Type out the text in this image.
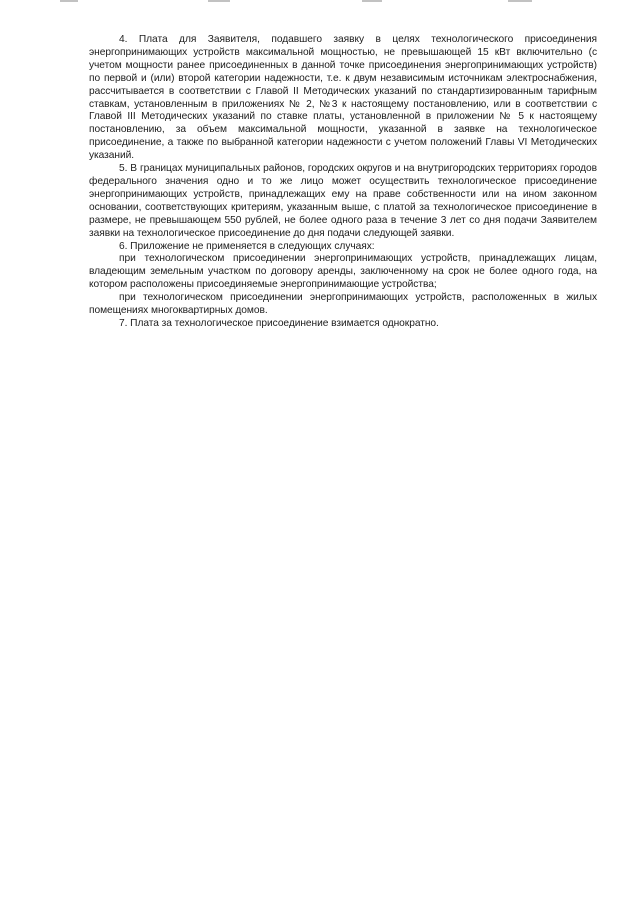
4. Плата для Заявителя, подавшего заявку в целях технологического присоединения энергопринимающих устройств максимальной мощностью, не превышающей 15 кВт включительно (с учетом мощности ранее присоединенных в данной точке присоединения энергопринимающих устройств) по первой и (или) второй категории надежности, т.е. к двум независимым источникам электроснабжения, рассчитывается в соответствии с Главой II Методических указаний по стандартизированным тарифным ставкам, установленным в приложениях № 2, №3 к настоящему постановлению, или в соответствии с Главой III Методических указаний по ставке платы, установленной в приложении № 5 к настоящему постановлению, за объем максимальной мощности, указанной в заявке на технологическое присоединение, а также по выбранной категории надежности с учетом положений Главы VI Методических указаний.

5. В границах муниципальных районов, городских округов и на внутригородских территориях городов федерального значения одно и то же лицо может осуществить технологическое присоединение энергопринимающих устройств, принадлежащих ему на праве собственности или на ином законном основании, соответствующих критериям, указанным выше, с платой за технологическое присоединение в размере, не превышающем 550 рублей, не более одного раза в течение 3 лет со дня подачи Заявителем заявки на технологическое присоединение до дня подачи следующей заявки.

6. Приложение не применяется в следующих случаях:

при технологическом присоединении энергопринимающих устройств, принадлежащих лицам, владеющим земельным участком по договору аренды, заключенному на срок не более одного года, на котором расположены присоединяемые энергопринимающие устройства;

при технологическом присоединении энергопринимающих устройств, расположенных в жилых помещениях многоквартирных домов.

7. Плата за технологическое присоединение взимается однократно.
